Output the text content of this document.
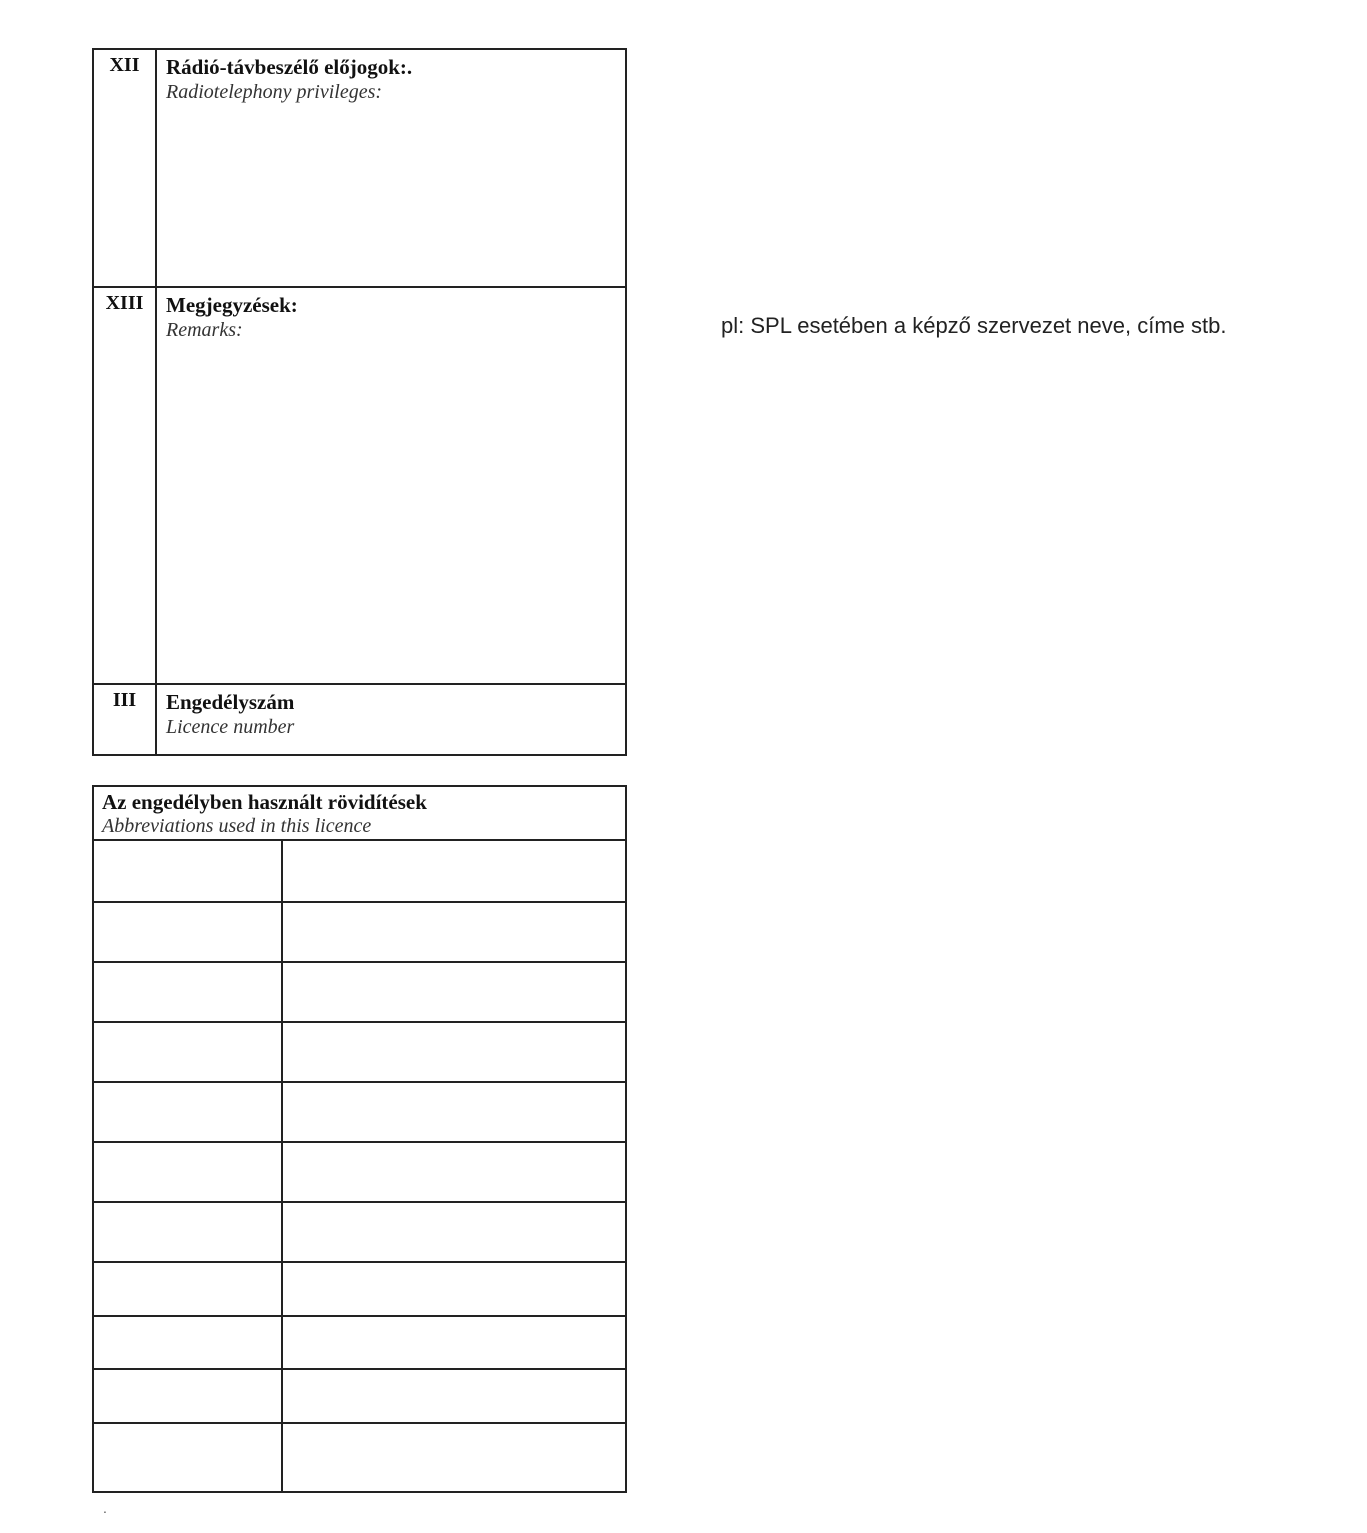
XII	Rádió-távbeszélő előjogok:.
Radiotelephony privileges:
XIII	Megjegyzések:
Remarks:
III	Engedélyszám
Licence number
Az engedélyben használt rövidítések
Abbreviations used in this licence
pl: SPL esetében a képző szervezet neve, címe stb.
.
